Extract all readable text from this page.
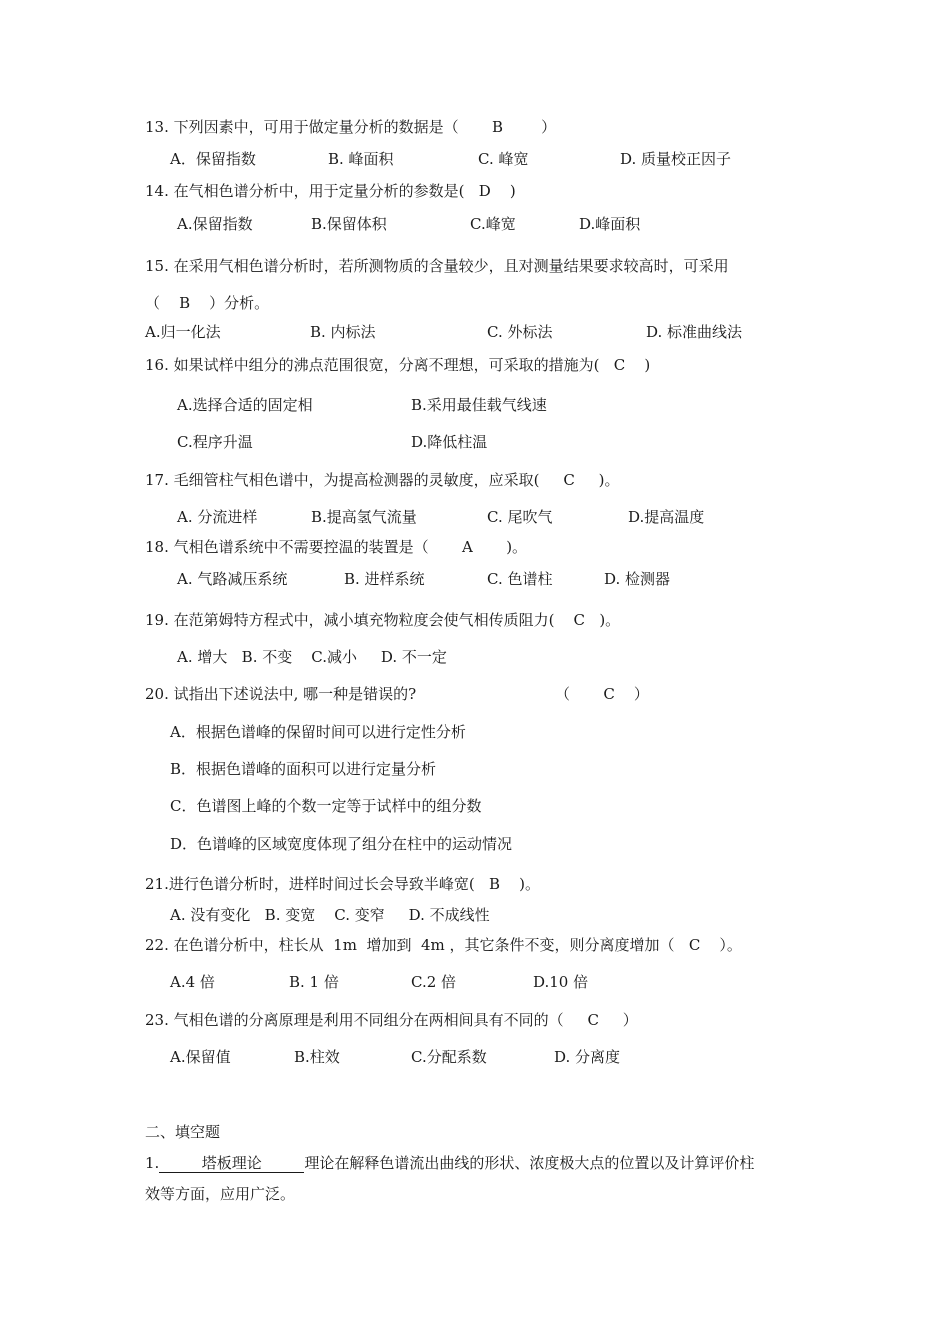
13. 下列因素中，可用于做定量分析的数据是（       B        ）
A．保留指数	B. 峰面积	C. 峰宽	D. 质量校正因子
14. 在气相色谱分析中，用于定量分析的参数是(   D    )
A.保留指数	B.保留体积	C.峰宽	D.峰面积
15. 在采用气相色谱分析时，若所测物质的含量较少，且对测量结果要求较高时，可采用
（    B    ）分析。
A.归一化法	B. 内标法	C. 外标法	D. 标准曲线法
16. 如果试样中组分的沸点范围很宽，分离不理想，可采取的措施为(   C    )
A.选择合适的固定相	B.采用最佳载气线速
C.程序升温	D.降低柱温
17. 毛细管柱气相色谱中，为提高检测器的灵敏度，应采取(     C     )。
A. 分流进样	B.提高氢气流量	C. 尾吹气	D.提高温度
18. 气相色谱系统中不需要控温的装置是（       A       )。
A. 气路减压系统	B. 进样系统	C. 色谱柱	D. 检测器
19. 在范第姆特方程式中，减小填充物粒度会使气相传质阻力(    C   )。
A. 增大   B. 不变    C.减小     D. 不一定
20. 试指出下述说法中, 哪一种是错误的?	（       C    ）
A．根据色谱峰的保留时间可以进行定性分析
B．根据色谱峰的面积可以进行定量分析
C．色谱图上峰的个数一定等于试样中的组分数
D．色谱峰的区域宽度体现了组分在柱中的运动情况
21.进行色谱分析时，进样时间过长会导致半峰宽(   B    )。
A. 没有变化   B. 变宽    C. 变窄     D. 不成线性
22. 在色谱分析中，柱长从  1m  增加到  4m ，其它条件不变，则分离度增加（   C    ）。
A.4 倍	B. 1 倍	C.2 倍	D.10 倍
23. 气相色谱的分离原理是利用不同组分在两相间具有不同的（     C     ）
A.保留值	B.柱效	C.分配系数	D. 分离度
二、填空题
1.	塔板理论	理论在解释色谱流出曲线的形状、浓度极大点的位置以及计算评价柱
效等方面，应用广泛。
